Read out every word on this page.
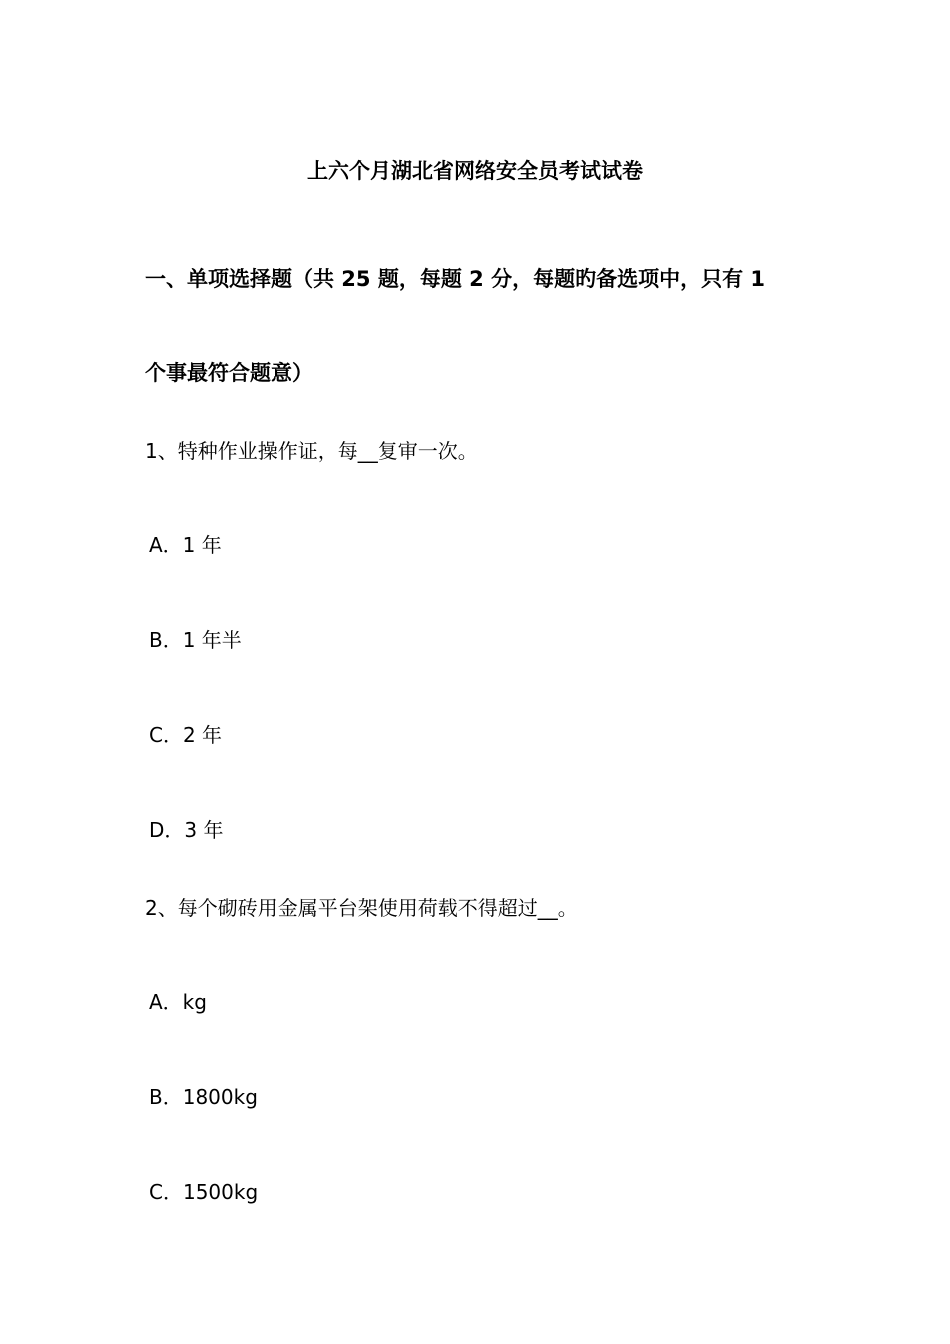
上六个月湖北省网络安全员考试试卷
一、单项选择题（共 25 题，每题 2 分，每题旳备选项中，只有 1
个事最符合题意）
1、特种作业操作证，每__复审一次。
A．1 年
B．1 年半
C．2 年
D．3 年
2、每个砌砖用金属平台架使用荷载不得超过__。
A．kg
B．1800kg
C．1500kg
